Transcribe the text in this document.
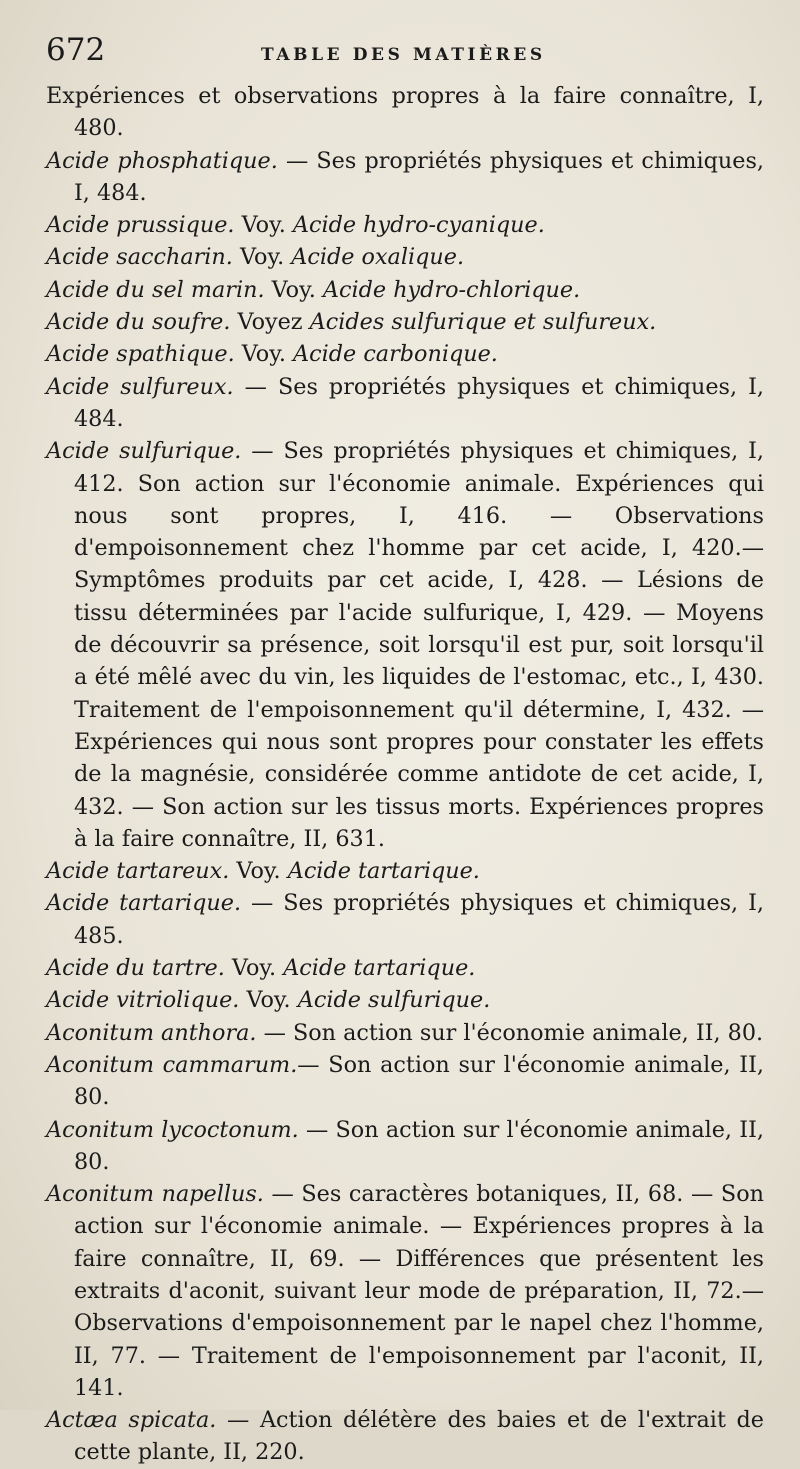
672	TABLE DES MATIÈRES
Expériences et observations propres à la faire connaître, I, 480.
Acide phosphatique. — Ses propriétés physiques et chimiques, I, 484.
Acide prussique. Voy. Acide hydro-cyanique.
Acide saccharin. Voy. Acide oxalique.
Acide du sel marin. Voy. Acide hydro-chlorique.
Acide du soufre. Voyez Acides sulfurique et sulfureux.
Acide spathique. Voy. Acide carbonique.
Acide sulfureux. — Ses propriétés physiques et chimiques, I, 484.
Acide sulfurique. — Ses propriétés physiques et chimiques, I, 412. Son action sur l'économie animale. Expériences qui nous sont propres, I, 416. — Observations d'empoisonnement chez l'homme par cet acide, I, 420.—Symptômes produits par cet acide, I, 428. — Lésions de tissu déterminées par l'acide sulfurique, I, 429. — Moyens de découvrir sa présence, soit lorsqu'il est pur, soit lorsqu'il a été mêlé avec du vin, les liquides de l'estomac, etc., I, 430. Traitement de l'empoisonnement qu'il détermine, I, 432. — Expériences qui nous sont propres pour constater les effets de la magnésie, considérée comme antidote de cet acide, I, 432. — Son action sur les tissus morts. Expériences propres à la faire connaître, II, 631.
Acide tartareux. Voy. Acide tartarique.
Acide tartarique. — Ses propriétés physiques et chimiques, I, 485.
Acide du tartre. Voy. Acide tartarique.
Acide vitriolique. Voy. Acide sulfurique.
Aconitum anthora. — Son action sur l'économie animale, II, 80.
Aconitum cammarum.— Son action sur l'économie animale, II, 80.
Aconitum lycoctonum. — Son action sur l'économie animale, II, 80.
Aconitum napellus. — Ses caractères botaniques, II, 68. — Son action sur l'économie animale. — Expériences propres à la faire connaître, II, 69. — Différences que présentent les extraits d'aconit, suivant leur mode de préparation, II, 72.— Observations d'empoisonnement par le napel chez l'homme, II, 77. — Traitement de l'empoisonnement par l'aconit, II, 141.
Actæa spicata. — Action délétère des baies et de l'extrait de cette plante, II, 220.
